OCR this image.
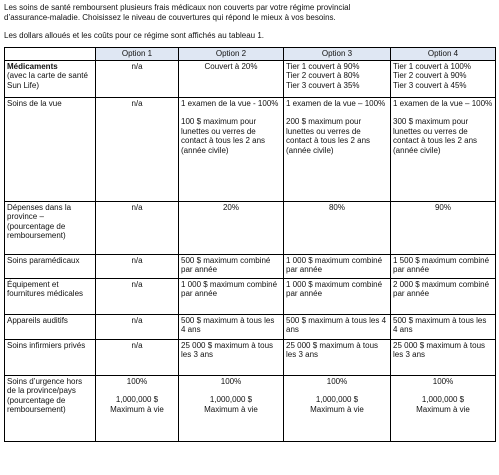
Les soins de santé remboursent plusieurs frais médicaux non couverts par votre régime provincial

d’assurance-maladie. Choisissez le niveau de couvertures qui répond le mieux à vos besoins.

Les dollars alloués et les coûts pour ce régime sont affichés au tableau 1.

	Option 1	Option 2	Option 3	Option 4
Médicaments
(avec la carte de santé Sun Life)	n/a	Couvert à 20%	Tier 1 couvert à 90%
Tier 2 couvert à 80%
Tier 3 couvert à 35%	Tier 1 couvert à 100%
Tier 2 couvert à 90%
Tier 3 couvert à 45%

Soins de la vue	n/a	1 examen de la vue - 100%
100 $ maximum pour lunettes ou verres de contact à tous les 2 ans (année civile)	1 examen de la vue – 100%
200 $ maximum pour lunettes ou verres de contact à tous les 2 ans (année civile)	1 examen de la vue – 100%
300 $ maximum pour lunettes ou verres de contact à tous les 2 ans (année civile)

Dépenses dans la province – (pourcentage de remboursement)	n/a	20%	80%	90%
Soins paramédicaux	n/a	500 $ maximum combiné par année	1 000 $ maximum combiné par année	1 500 $ maximum combiné par année
Équipement et fournitures médicales	n/a	1 000 $ maximum combiné par année	1 000 $ maximum combiné par année	2 000 $ maximum combiné par année
Appareils auditifs	n/a	500 $ maximum à tous les 4 ans	500 $ maximum à tous les 4 ans	500 $ maximum à tous les 4 ans
Soins infirmiers privés	n/a	25 000 $ maximum à tous les 3 ans	25 000 $ maximum à tous les 3 ans	25 000 $ maximum à tous les 3 ans
Soins d’urgence hors de la province/pays (pourcentage de remboursement)	100%
1,000,000 $
Maximum à vie	100%
1,000,000 $
Maximum à vie	100%
1,000,000 $
Maximum à vie	100%
1,000,000 $
Maximum à vie
